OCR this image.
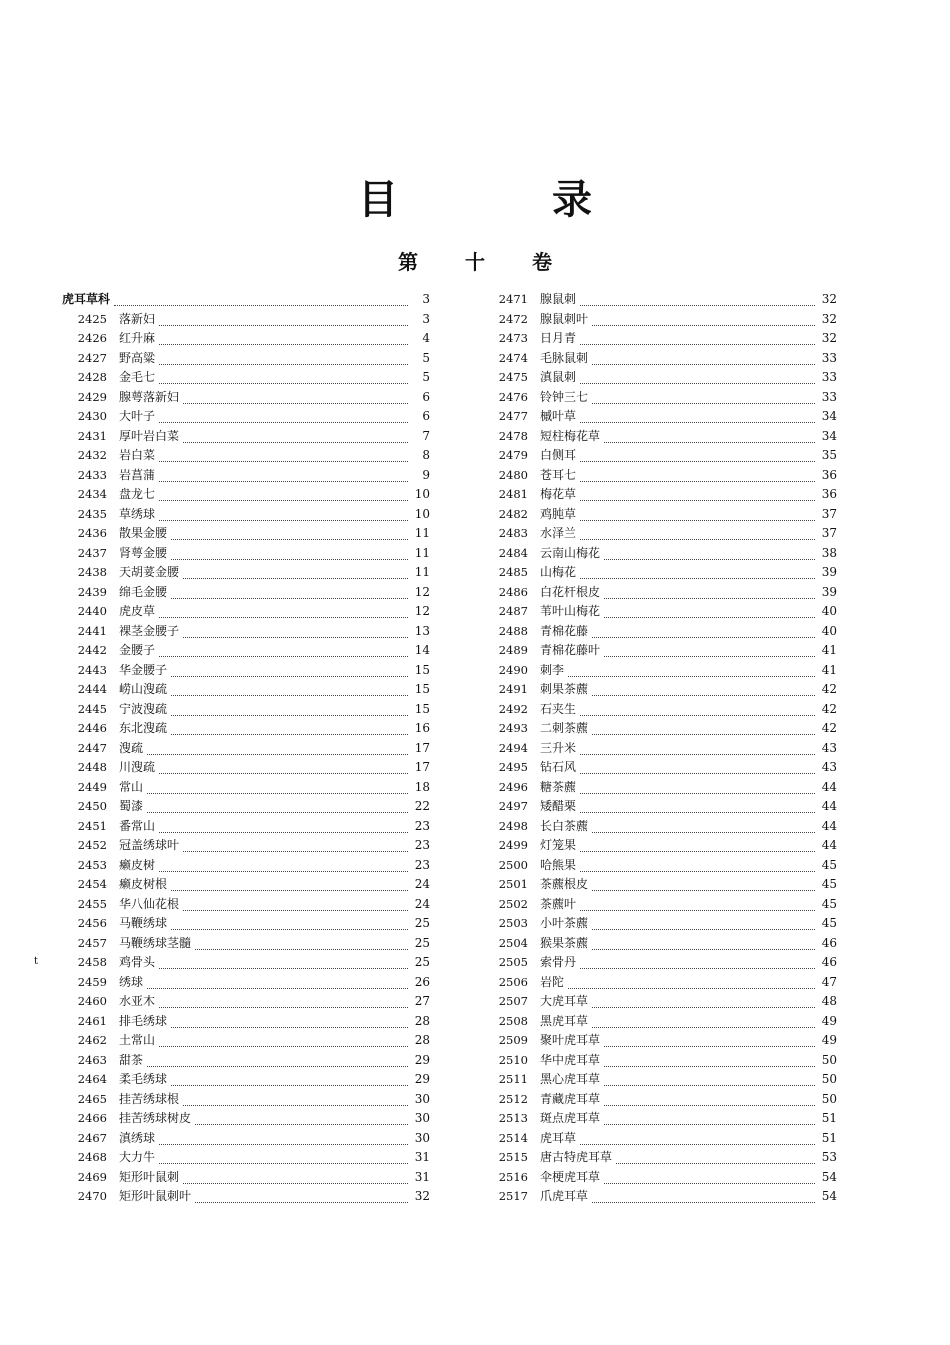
目 录
第 十 卷
虎耳草科	3
2425	落新妇	3
2426	红升麻	4
2427	野高粱	5
2428	金毛七	5
2429	腺萼落新妇	6
2430	大叶子	6
2431	厚叶岩白菜	7
2432	岩白菜	8
2433	岩菖蒲	9
2434	盘龙七	10
2435	草绣球	10
2436	散果金腰	11
2437	肾萼金腰	11
2438	天胡荽金腰	11
2439	绵毛金腰	12
2440	虎皮草	12
2441	裸茎金腰子	13
2442	金腰子	14
2443	华金腰子	15
2444	崂山溲疏	15
2445	宁波溲疏	15
2446	东北溲疏	16
2447	溲疏	17
2448	川溲疏	17
2449	常山	18
2450	蜀漆	22
2451	番常山	23
2452	冠盖绣球叶	23
2453	癞皮树	23
2454	癞皮树根	24
2455	华八仙花根	24
2456	马鞭绣球	25
2457	马鞭绣球茎髓	25
2458	鸡骨头	25
2459	绣球	26
2460	水亚木	27
2461	排毛绣球	28
2462	土常山	28
2463	甜茶	29
2464	柔毛绣球	29
2465	挂苦绣球根	30
2466	挂苦绣球树皮	30
2467	滇绣球	30
2468	大力牛	31
2469	矩形叶鼠刺	31
2470	矩形叶鼠刺叶	32
2471	腺鼠刺	32
2472	腺鼠刺叶	32
2473	日月青	32
2474	毛脉鼠刺	33
2475	滇鼠刺	33
2476	铃钟三七	33
2477	槭叶草	34
2478	短柱梅花草	34
2479	白侧耳	35
2480	苍耳七	36
2481	梅花草	36
2482	鸡肫草	37
2483	水泽兰	37
2484	云南山梅花	38
2485	山梅花	39
2486	白花杆根皮	39
2487	苇叶山梅花	40
2488	青棉花藤	40
2489	青棉花藤叶	41
2490	刺李	41
2491	刺果茶藨	42
2492	石夹生	42
2493	二刺茶藨	42
2494	三升米	43
2495	钻石风	43
2496	糖茶藨	44
2497	矮醋栗	44
2498	长白茶藨	44
2499	灯笼果	44
2500	哈熊果	45
2501	茶藨根皮	45
2502	茶藨叶	45
2503	小叶茶藨	45
2504	猴果茶藨	46
2505	索骨丹	46
2506	岩陀	47
2507	大虎耳草	48
2508	黑虎耳草	49
2509	聚叶虎耳草	49
2510	华中虎耳草	50
2511	黑心虎耳草	50
2512	青藏虎耳草	50
2513	斑点虎耳草	51
2514	虎耳草	51
2515	唐古特虎耳草	53
2516	伞梗虎耳草	54
2517	爪虎耳草	54
t
